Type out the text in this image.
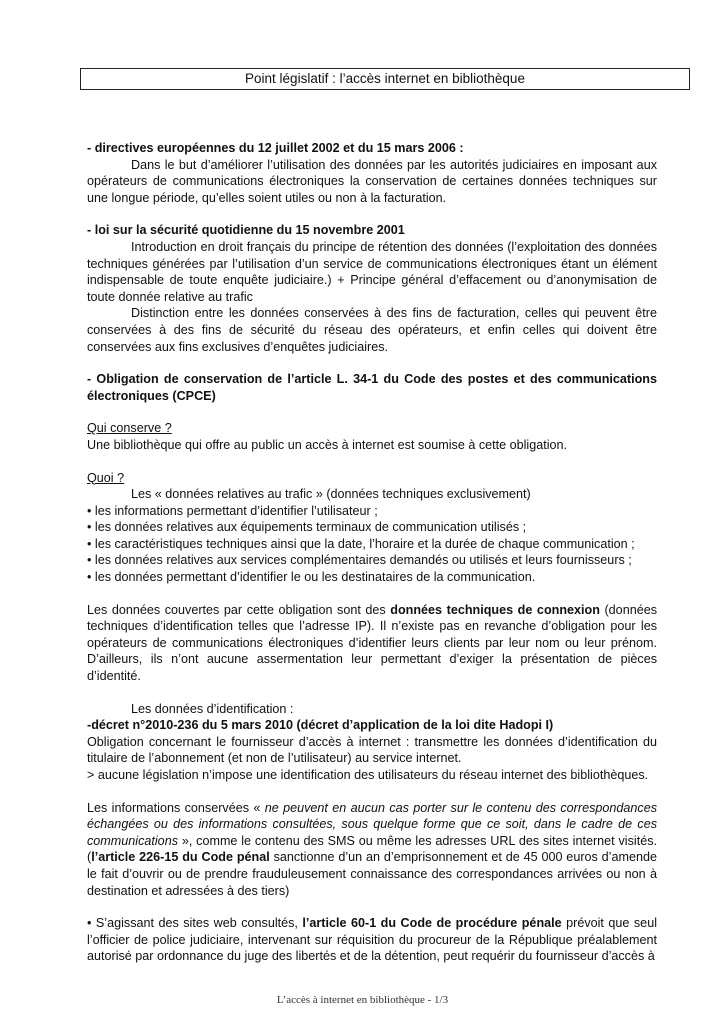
Point législatif : l’accès internet en bibliothèque

- directives européennes du 12 juillet 2002 et du 15 mars 2006 :

Dans le but d’améliorer l’utilisation des données par les autorités judiciaires en imposant aux opérateurs de communications électroniques la conservation de certaines données techniques sur une longue période, qu’elles soient utiles ou non à la facturation.

- loi sur la sécurité quotidienne du 15 novembre 2001

Introduction en droit français du principe de rétention des données (l’exploitation des données techniques générées par l’utilisation d’un service de communications électroniques étant un élément indispensable de toute enquête judiciaire.) + Principe général d’effacement ou d’anonymisation de toute donnée relative au trafic

Distinction entre les données conservées à des fins de facturation, celles qui peuvent être conservées à des fins de sécurité du réseau des opérateurs, et enfin celles qui doivent être conservées aux fins exclusives d’enquêtes judiciaires.

- Obligation de conservation de l’article L. 34-1 du Code des postes et des communications électroniques (CPCE)

Qui conserve ?

Une bibliothèque qui offre au public un accès à internet est soumise à cette obligation.

Quoi ?

Les « données relatives au trafic » (données techniques exclusivement)

• les informations permettant d’identifier l’utilisateur ;

• les données relatives aux équipements terminaux de communication utilisés ;

• les caractéristiques techniques ainsi que la date, l’horaire et la durée de chaque communication ;

• les données relatives aux services complémentaires demandés ou utilisés et leurs fournisseurs ;

• les données permettant d’identifier le ou les destinataires de la communication.

Les données couvertes par cette obligation sont des données techniques de connexion (données techniques d’identification telles que l’adresse IP). Il n’existe pas en revanche d’obligation pour les opérateurs de communications électroniques d’identifier leurs clients par leur nom ou leur prénom. D’ailleurs, ils n’ont aucune assermentation leur permettant d’exiger la présentation de pièces d’identité.

Les données d’identification :

-décret n°2010-236 du 5 mars 2010 (décret d’application de la loi dite Hadopi I)

Obligation concernant le fournisseur d’accès à internet : transmettre les données d’identification du titulaire de l’abonnement (et non de l’utilisateur) au service internet.

> aucune législation n’impose une identification des utilisateurs du réseau internet des bibliothèques.

Les informations conservées « ne peuvent en aucun cas porter sur le contenu des correspondances échangées ou des informations consultées, sous quelque forme que ce soit, dans le cadre de ces communications », comme le contenu des SMS ou même les adresses URL des sites internet visités. (l’article 226-15 du Code pénal sanctionne d’un an d’emprisonnement et de 45 000 euros d’amende le fait d’ouvrir ou de prendre frauduleusement connaissance des correspondances arrivées ou non à destination et adressées à des tiers)

• S’agissant des sites web consultés, l’article 60-1 du Code de procédure pénale prévoit que seul l’officier de police judiciaire, intervenant sur réquisition du procureur de la République préalablement autorisé par ordonnance du juge des libertés et de la détention, peut requérir du fournisseur d’accès à

L’accès à internet en bibliothèque - 1/3
